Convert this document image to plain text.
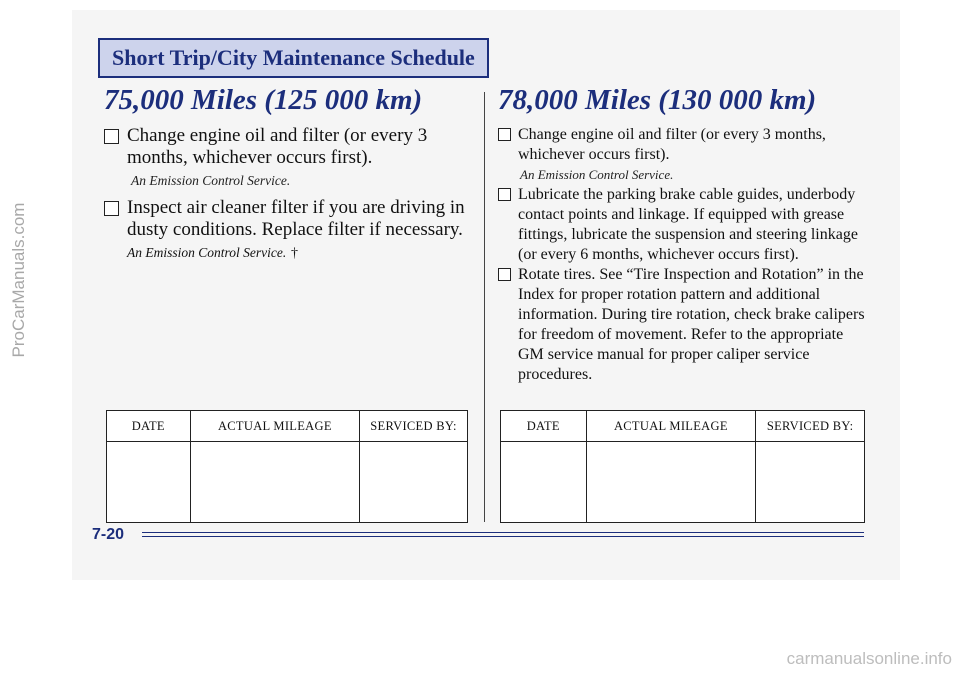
ProCarManuals.com
Short Trip/City Maintenance Schedule
75,000 Miles (125 000 km)
Change engine oil and filter (or every 3 months, whichever occurs first).
An Emission Control Service.
Inspect air cleaner filter if you are driving in dusty conditions. Replace filter if necessary. An Emission Control Service. †
78,000 Miles (130 000 km)
Change engine oil and filter (or every 3 months, whichever occurs first).
An Emission Control Service.
Lubricate the parking brake cable guides, underbody contact points and linkage. If equipped with grease fittings, lubricate the suspension and steering linkage (or every 6 months, whichever occurs first).
Rotate tires. See “Tire Inspection and Rotation” in the Index for proper rotation pattern and additional information. During tire rotation, check brake calipers for freedom of movement. Refer to the appropriate GM service manual for proper caliper service procedures.
DATE	ACTUAL MILEAGE	SERVICED BY:
			DATE	ACTUAL MILEAGE	SERVICED BY:

7-20
carmanualsonline.info
